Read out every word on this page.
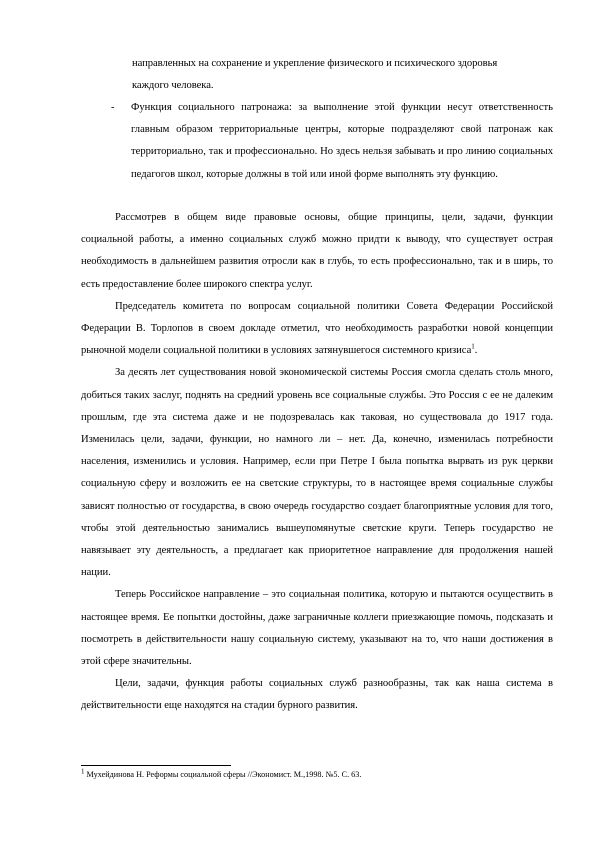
направленных на сохранение и укрепление физического и психического здоровья
каждого человека.
- Функция социального патронажа: за выполнение этой функции несут ответственность главным образом территориальные центры, которые подразделяют свой патронаж как территориально, так и профессионально. Но здесь нельзя забывать и про линию социальных педагогов школ, которые должны в той или иной форме выполнять эту функцию.

Рассмотрев в общем виде правовые основы, общие принципы, цели, задачи, функции социальной работы, а именно социальных служб можно придти к выводу, что существует острая необходимость в дальнейшем развития отросли как в глубь, то есть профессионально, так и в ширь, то есть предоставление более широкого спектра услуг.

Председатель комитета по вопросам социальной политики Совета Федерации Российской Федерации В. Торлопов в своем докладе отметил, что необходимость разработки новой концепции рыночной модели социальной политики в условиях затянувшегося системного кризиса$^1$.

За десять лет существования новой экономической системы Россия смогла сделать столь много, добиться таких заслуг, поднять на средний уровень все социальные службы. Это Россия с ее не далеким прошлым, где эта система даже и не подозревалась как таковая, но существовала до 1917 года. Изменилась цели, задачи, функции, но намного ли – нет. Да, конечно, изменилась потребности населения, изменились и условия. Например, если при Петре I была попытка вырвать из рук церкви социальную сферу и возложить ее на светские структуры, то в настоящее время социальные службы зависят полностью от государства, в свою очередь государство создает благоприятные условия для того, чтобы этой деятельностью занимались вышеупомянутые светские круги. Теперь государство не навязывает эту деятельность, а предлагает как приоритетное направление для продолжения нашей нации.

Теперь Российское направление – это социальная политика, которую и пытаются осуществить в настоящее время. Ее попытки достойны, даже заграничные коллеги приезжающие помочь, подсказать и посмотреть в действительности нашу социальную систему, указывают на то, что наши достижения в этой сфере значительны.

Цели, задачи, функция работы социальных служб разнообразны, так как наша система в действительности еще находятся на стадии бурного развития.

$^1$ Мухейдинова Н. Реформы социальной сферы //Экономист. М.,1998. №5. С. 63.
